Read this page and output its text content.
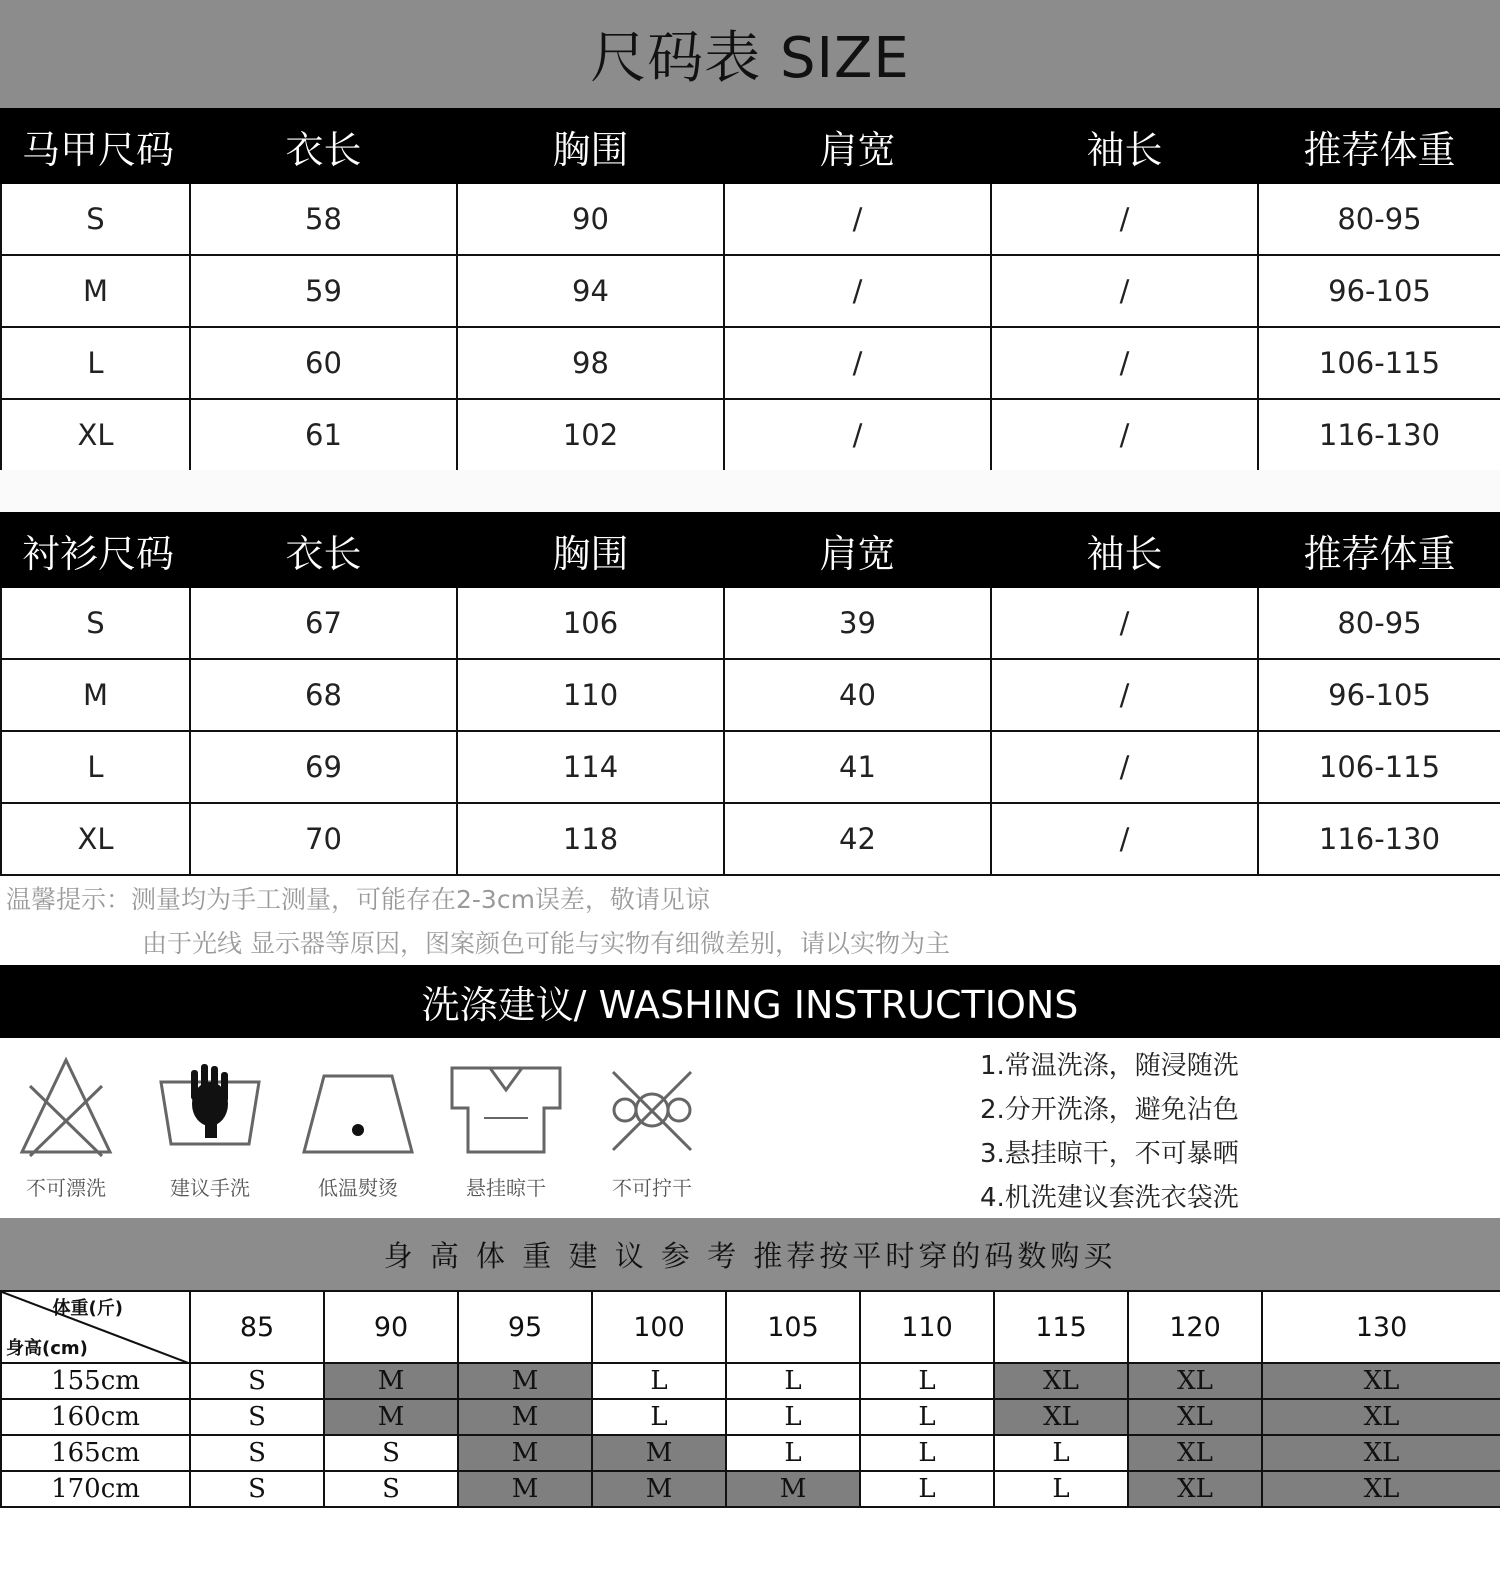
尺码表 SIZE
马甲尺码	衣长	胸围	肩宽	袖长	推荐体重
S	58	90	/	/	80-95
M	59	94	/	/	96-105
L	60	98	/	/	106-115
XL	61	102	/	/	116-130
衬衫尺码	衣长	胸围	肩宽	袖长	推荐体重
S	67	106	39	/	80-95
M	68	110	40	/	96-105
L	69	114	41	/	106-115
XL	70	118	42	/	116-130
温馨提示：测量均为手工测量，可能存在2-3cm误差，敬请见谅
由于光线 显示器等原因，图案颜色可能与实物有细微差别，请以实物为主
洗涤建议/ WASHING INSTRUCTIONS
不可漂洗	建议手洗	低温熨烫	悬挂晾干	不可拧干
1.常温洗涤，随浸随洗
2.分开洗涤，避免沾色
3.悬挂晾干，不可暴晒
4.机洗建议套洗衣袋洗
身 高 体 重 建 议 参 考 推荐按平时穿的码数购买
体重(斤)
身高(cm)	85	90	95	100	105	110	115	120	130
155cm	S	M	M	L	L	L	XL	XL	XL
160cm	S	M	M	L	L	L	XL	XL	XL
165cm	S	S	M	M	L	L	L	XL	XL
170cm	S	S	M	M	M	L	L	XL	XL
